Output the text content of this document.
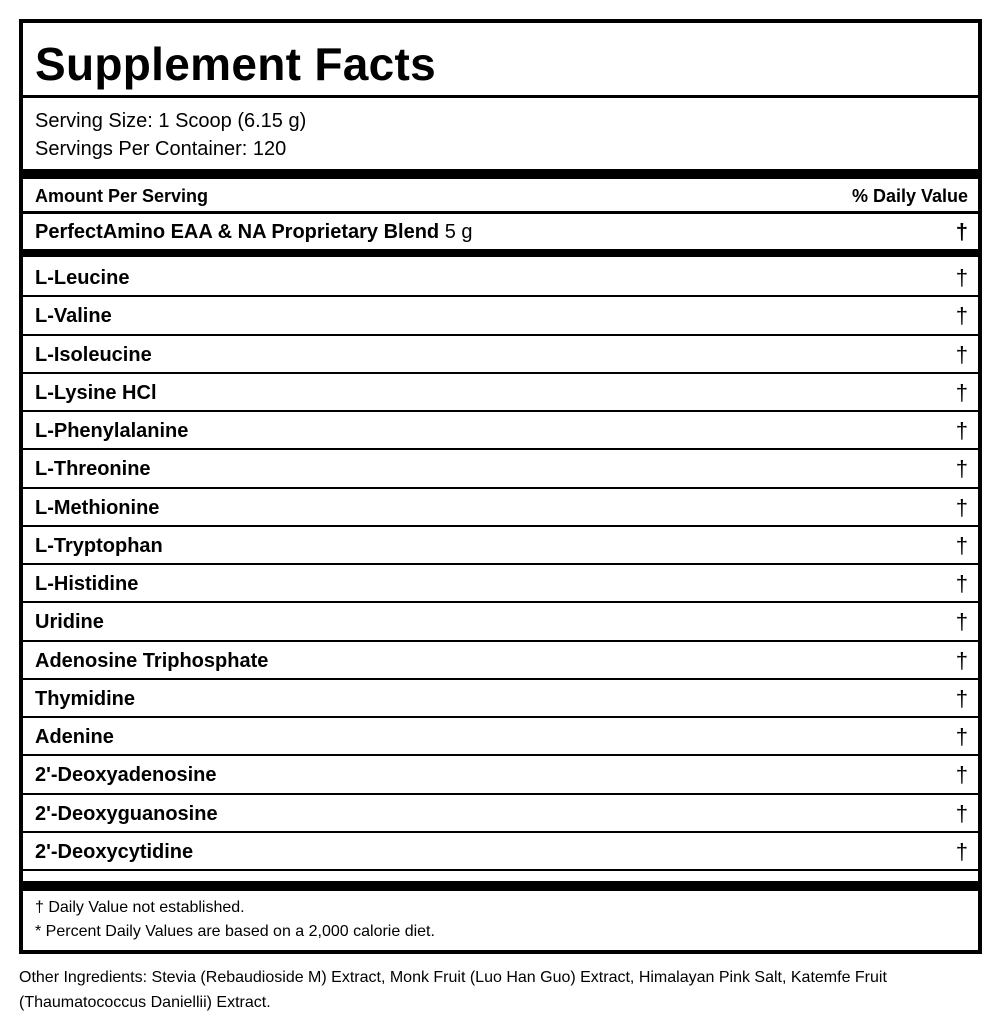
Supplement Facts
Serving Size: 1 Scoop (6.15 g)
Servings Per Container: 120
Amount Per Serving	% Daily Value
PerfectAmino EAA & NA Proprietary Blend 5 g	†
L-Leucine	†
L-Valine	†
L-Isoleucine	†
L-Lysine HCl	†
L-Phenylalanine	†
L-Threonine	†
L-Methionine	†
L-Tryptophan	†
L-Histidine	†
Uridine	†
Adenosine Triphosphate	†
Thymidine	†
Adenine	†
2'-Deoxyadenosine	†
2'-Deoxyguanosine	†
2'-Deoxycytidine	†
† Daily Value not established.
* Percent Daily Values are based on a 2,000 calorie diet.
Other Ingredients: Stevia (Rebaudioside M) Extract, Monk Fruit (Luo Han Guo) Extract, Himalayan Pink Salt, Katemfe Fruit (Thaumatococcus Daniellii) Extract.
